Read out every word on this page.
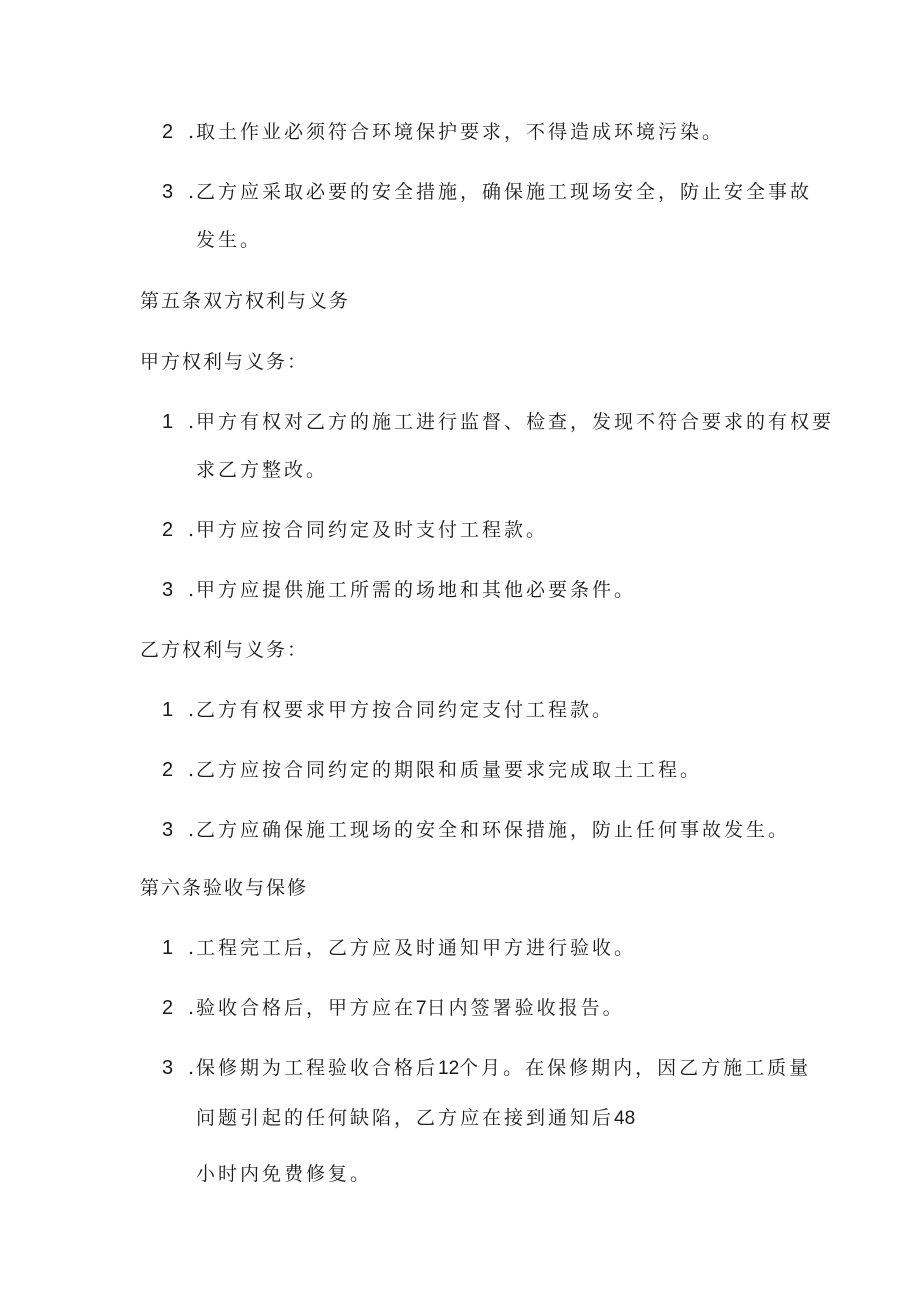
2 . 取土作业必须符合环境保护要求，不得造成环境污染。
3 . 乙方应采取必要的安全措施，确保施工现场安全，防止安全事故
发生。
第五条双方权利与义务
甲方权利与义务：
1 . 甲方有权对乙方的施工进行监督、检查，发现不符合要求的有权要
求乙方整改。
2 . 甲方应按合同约定及时支付工程款。
3 . 甲方应提供施工所需的场地和其他必要条件。
乙方权利与义务：
1 . 乙方有权要求甲方按合同约定支付工程款。
2 . 乙方应按合同约定的期限和质量要求完成取土工程。
3 . 乙方应确保施工现场的安全和环保措施，防止任何事故发生。
第六条验收与保修
1 . 工程完工后，乙方应及时通知甲方进行验收。
2 . 验收合格后，甲方应在7日内签署验收报告。
3 . 保修期为工程验收合格后12个月。在保修期内，因乙方施工质量
问题引起的任何缺陷，乙方应在接到通知后48
小时内免费修复。
